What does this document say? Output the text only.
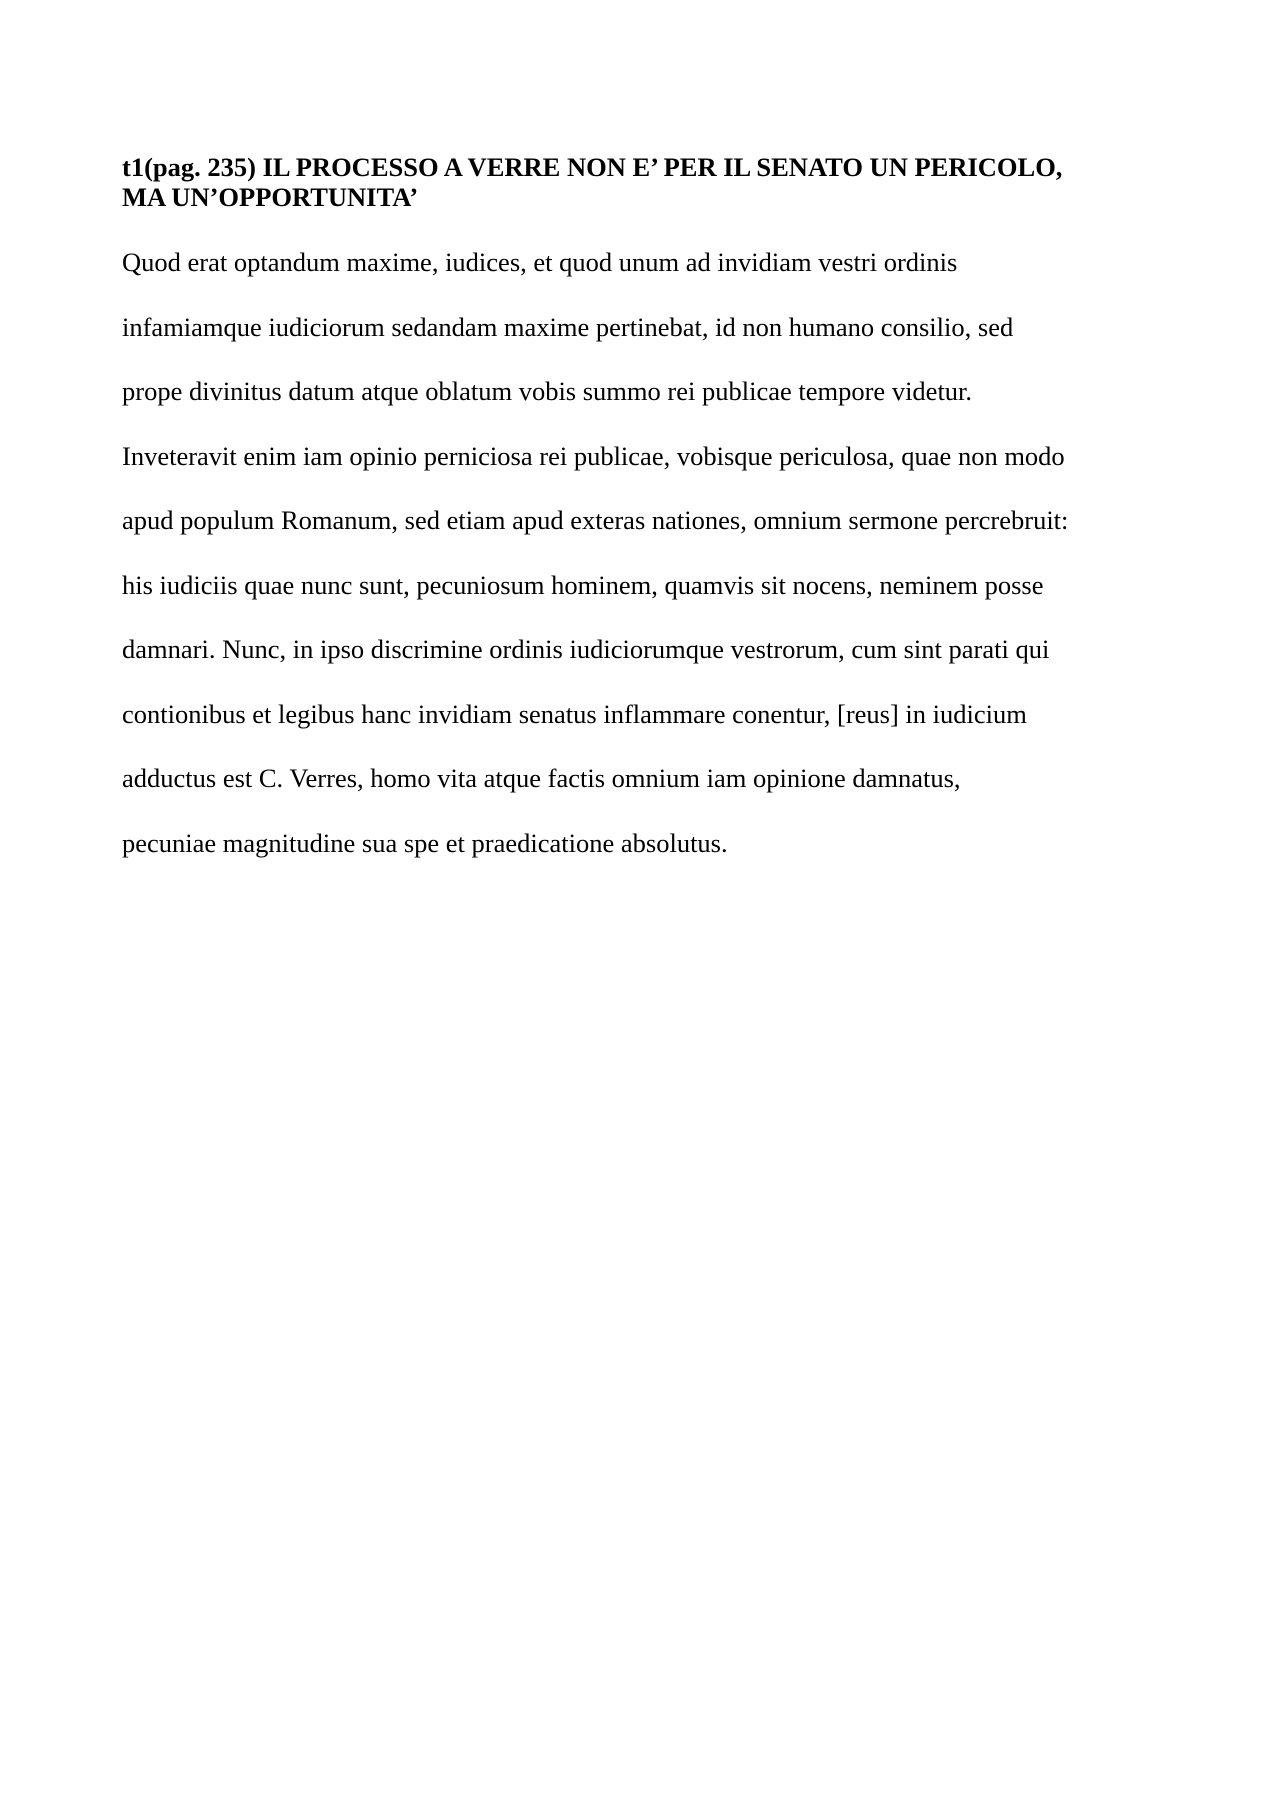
t1(pag. 235) IL PROCESSO A VERRE NON E’ PER IL SENATO UN PERICOLO,
MA UN’OPPORTUNITA’

Quod erat optandum maxime, iudices, et quod unum ad invidiam vestri ordinis
infamiamque iudiciorum sedandam maxime pertinebat, id non humano consilio, sed
prope divinitus datum atque oblatum vobis summo rei publicae tempore videtur.
Inveteravit enim iam opinio perniciosa rei publicae, vobisque periculosa, quae non modo
apud populum Romanum, sed etiam apud exteras nationes, omnium sermone percrebruit:
his iudiciis quae nunc sunt, pecuniosum hominem, quamvis sit nocens, neminem posse
damnari. Nunc, in ipso discrimine ordinis iudiciorumque vestrorum, cum sint parati qui
contionibus et legibus hanc invidiam senatus inflammare conentur, [reus] in iudicium
adductus est C. Verres, homo vita atque factis omnium iam opinione damnatus,
pecuniae magnitudine sua spe et praedicatione absolutus.
